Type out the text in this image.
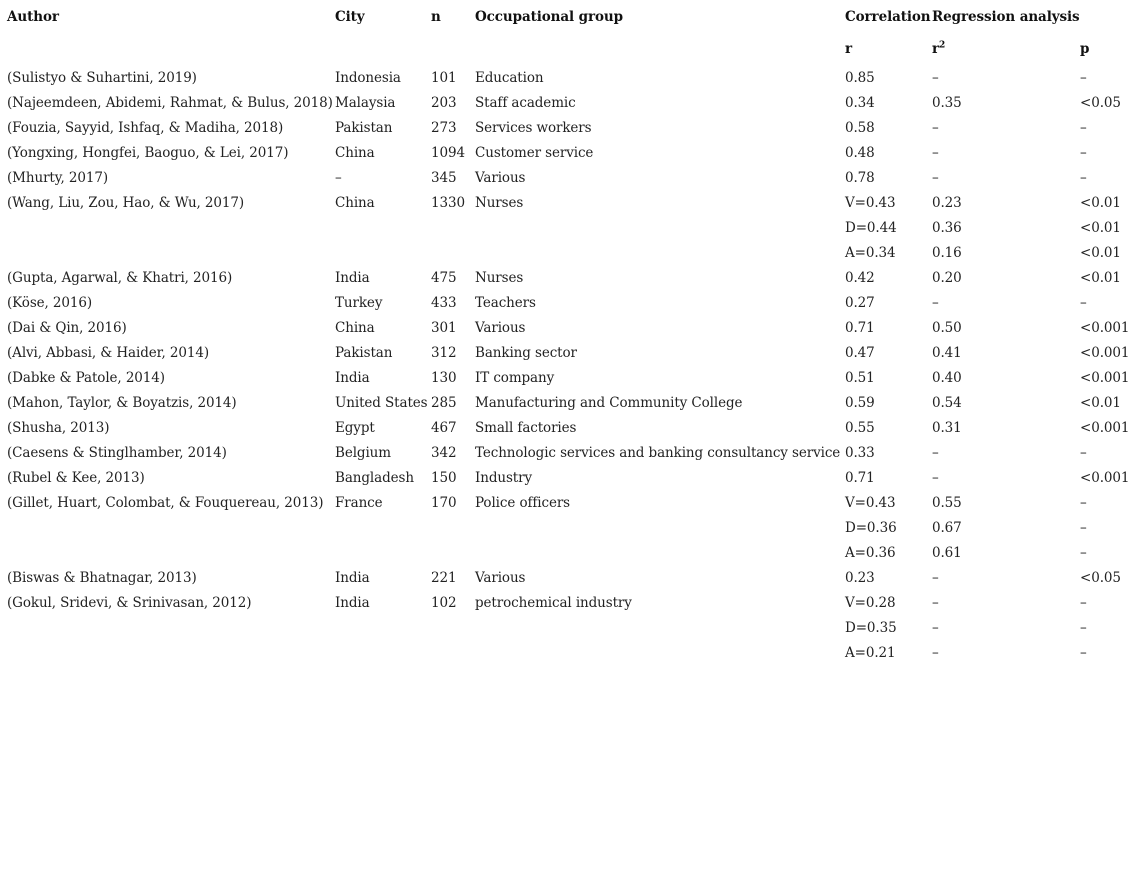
Author	City	n	Occupational group	Correlation	Regression analysis	
				r	$r^2$	p
(Sulistyo & Suhartini, 2019)	Indonesia	101	Education	0.85	–	–
(Najeemdeen, Abidemi, Rahmat, & Bulus, 2018)	Malaysia	203	Staff academic	0.34	0.35	<0.05
(Fouzia, Sayyid, Ishfaq, & Madiha, 2018)	Pakistan	273	Services workers	0.58	–	–
(Yongxing, Hongfei, Baoguo, & Lei, 2017)	China	1094	Customer service	0.48	–	–
(Mhurty, 2017)	–	345	Various	0.78	–	–
(Wang, Liu, Zou, Hao, & Wu, 2017)	China	1330	Nurses	V=0.43	0.23	<0.01
				D=0.44	0.36	<0.01
				A=0.34	0.16	<0.01
(Gupta, Agarwal, & Khatri, 2016)	India	475	Nurses	0.42	0.20	<0.01
(Köse, 2016)	Turkey	433	Teachers	0.27	–	–
(Dai & Qin, 2016)	China	301	Various	0.71	0.50	<0.001
(Alvi, Abbasi, & Haider, 2014)	Pakistan	312	Banking sector	0.47	0.41	<0.001
(Dabke & Patole, 2014)	India	130	IT company	0.51	0.40	<0.001
(Mahon, Taylor, & Boyatzis, 2014)	United States	285	Manufacturing and Community College	0.59	0.54	<0.01
(Shusha, 2013)	Egypt	467	Small factories	0.55	0.31	<0.001
(Caesens & Stinglhamber, 2014)	Belgium	342	Technologic services and banking consultancy service	0.33	–	–
(Rubel & Kee, 2013)	Bangladesh	150	Industry	0.71	–	<0.001
(Gillet, Huart, Colombat, & Fouquereau, 2013)	France	170	Police officers	V=0.43	0.55	–
				D=0.36	0.67	–
				A=0.36	0.61	–
(Biswas & Bhatnagar, 2013)	India	221	Various	0.23	–	<0.05
(Gokul, Sridevi, & Srinivasan, 2012)	India	102	petrochemical industry	V=0.28	–	–
				D=0.35	–	–
				A=0.21	–	–
